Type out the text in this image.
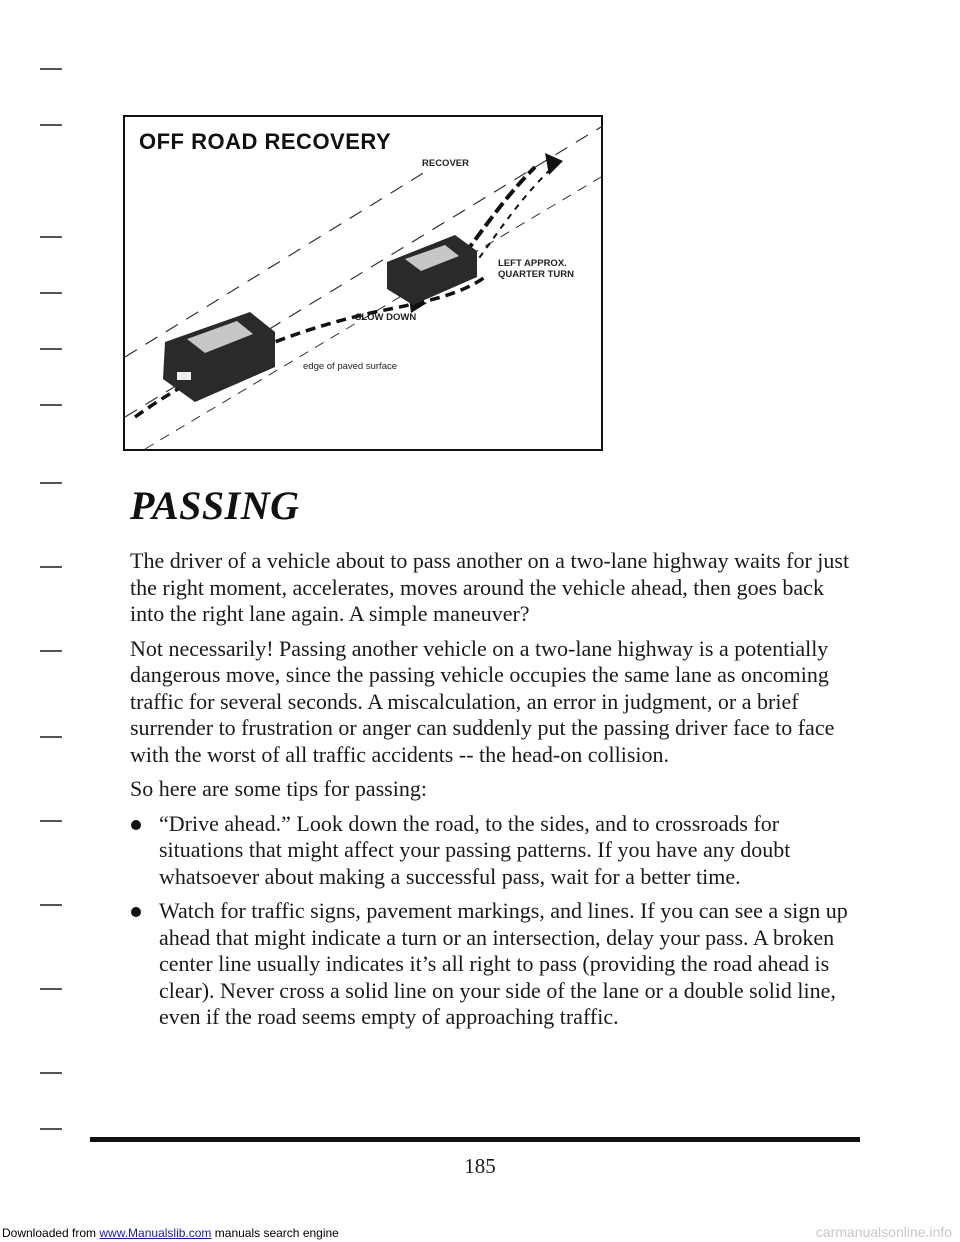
OFF ROAD RECOVERY
RECOVER
LEFT APPROX.
QUARTER TURN
SLOW DOWN
edge of paved surface
PASSING

The driver of a vehicle about to pass another on a two-lane highway waits for just the right moment, accelerates, moves around the vehicle ahead, then goes back into the right lane again. A simple maneuver?

Not necessarily! Passing another vehicle on a two-lane highway is a potentially dangerous move, since the passing vehicle occupies the same lane as oncoming traffic for several seconds. A miscalculation, an error in judgment, or a brief surrender to frustration or anger can suddenly put the passing driver face to face with the worst of all traffic accidents -- the head-on collision.

So here are some tips for passing:

“Drive ahead.” Look down the road, to the sides, and to crossroads for situations that might affect your passing patterns. If you have any doubt whatsoever about making a successful pass, wait for a better time.
Watch for traffic signs, pavement markings, and lines. If you can see a sign up ahead that might indicate a turn or an intersection, delay your pass. A broken center line usually indicates it’s all right to pass (providing the road ahead is clear). Never cross a solid line on your side of the lane or a double solid line, even if the road seems empty of approaching traffic.
185
Downloaded from www.Manualslib.com manuals search engine	carmanualsonline.info
